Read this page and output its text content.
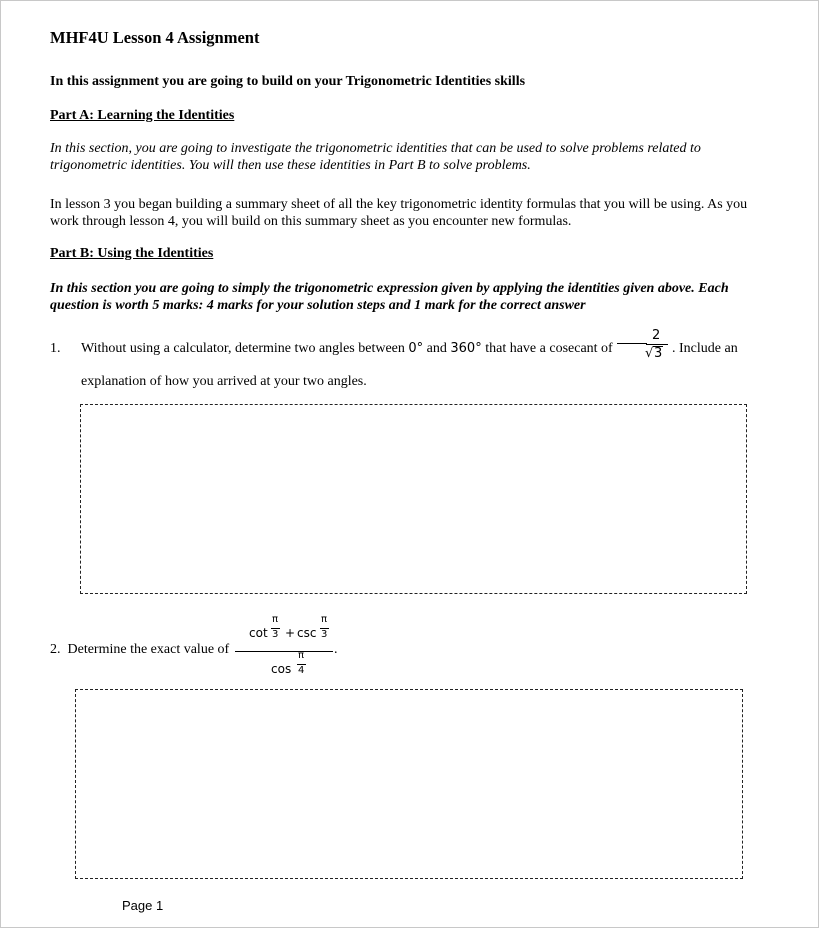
MHF4U Lesson 4 Assignment
In this assignment you are going to build on your Trigonometric Identities skills
Part A: Learning the Identities
In this section, you are going to investigate the trigonometric identities that can be used to solve problems related to trigonometric identities. You will then use these identities in Part B to solve problems.
In lesson 3 you began building a summary sheet of all the key trigonometric identity formulas that you will be using. As you work through lesson 4, you will build on this summary sheet as you encounter new formulas.
Part B: Using the Identities
In this section you are going to simply the trigonometric expression given by applying the identities given above. Each question is worth 5 marks: 4 marks for your solution steps and 1 mark for the correct answer
1. Without using a calculator, determine two angles between 0° and 360° that have a cosecant of
2
√ 3 . Include an
explanation of how you arrived at your two angles.
2. Determine the exact value of
cot
π
3 + csc
π
3
cos
π
4
.
Page 1
